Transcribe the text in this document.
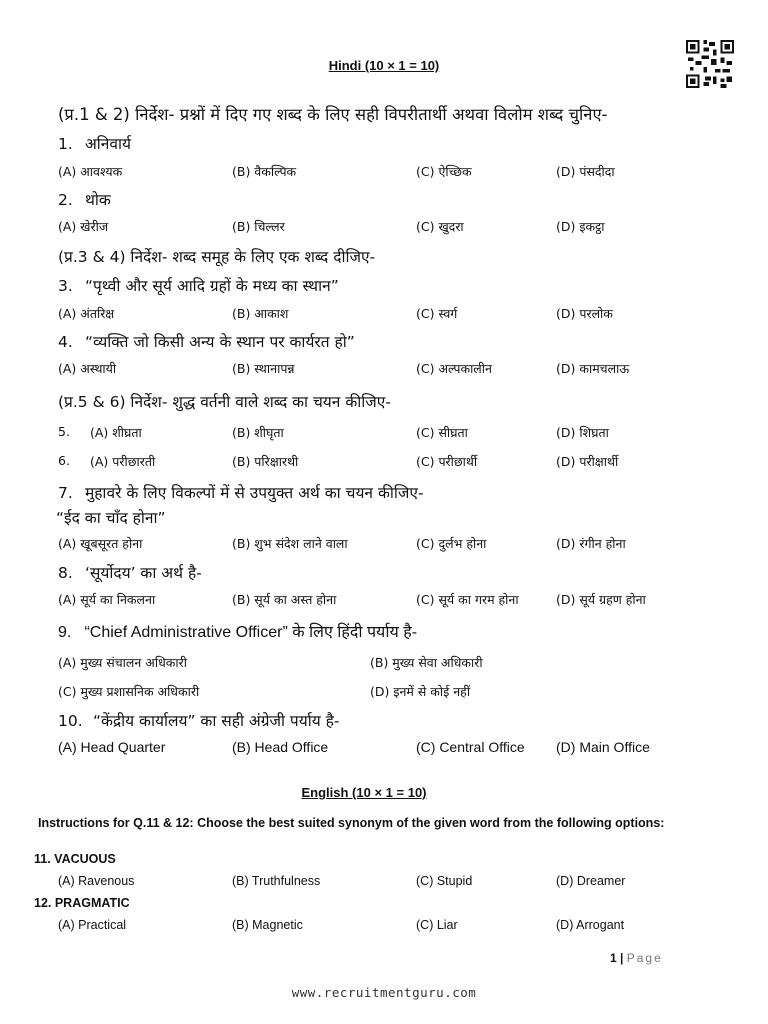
Hindi (10 × 1 = 10)

(प्र.1 & 2) निर्देश- प्रश्नों में दिए गए शब्द के लिए सही विपरीतार्थी अथवा विलोम शब्द चुनिए-

1. अनिवार्य

(A) आवश्यक	(B) वैकल्पिक	(C) ऐच्छिक	(D) पंसदीदा

2. थोक

(A) खेरीज	(B) चिल्लर	(C) खुदरा	(D) इकट्ठा

(प्र.3 & 4) निर्देश- शब्द समूह के लिए एक शब्द दीजिए-

3. “पृथ्वी और सूर्य आदि ग्रहों के मध्य का स्थान”

(A) अंतरिक्ष	(B) आकाश	(C) स्वर्ग	(D) परलोक

4. “व्यक्ति जो किसी अन्य के स्थान पर कार्यरत हो”

(A) अस्थायी	(B) स्थानापन्न	(C) अल्पकालीन	(D) कामचलाऊ

(प्र.5 & 6) निर्देश- शुद्ध वर्तनी वाले शब्द का चयन कीजिए-

5.	(A) शीघ्रता	(B) शीघृता	(C) सीघ्रता	(D) शिघ्रता
6.	(A) परीछारती	(B) परिक्षारथी	(C) परीछार्थी	(D) परीक्षार्थी

7. मुहावरे के लिए विकल्पों में से उपयुक्त अर्थ का चयन कीजिए-

“ईद का चाँद होना”

(A) खूबसूरत होना	(B) शुभ संदेश लाने वाला	(C) दुर्लभ होना	(D) रंगीन होना

8. ‘सूर्योदय’ का अर्थ है-

(A) सूर्य का निकलना	(B) सूर्य का अस्त होना	(C) सूर्य का गरम होना	(D) सूर्य ग्रहण होना

9. “Chief Administrative Officer” के लिए हिंदी पर्याय है-

(A) मुख्य संचालन अधिकारी	(B) मुख्य सेवा अधिकारी
(C) मुख्य प्रशासनिक अधिकारी	(D) इनमें से कोई नहीं

10. “केंद्रीय कार्यालय” का सही अंग्रेजी पर्याय है-

(A) Head Quarter	(B) Head Office	(C) Central Office (D) Main Office

English (10 × 1 = 10)

Instructions for Q.11 & 12: Choose the best suited synonym of the given word from the following options:

11. VACUOUS

(A) Ravenous	(B) Truthfulness	(C) Stupid	(D) Dreamer

12. PRAGMATIC

(A) Practical	(B) Magnetic	(C) Liar	(D) Arrogant

1 | Page

www.recruitmentguru.com
